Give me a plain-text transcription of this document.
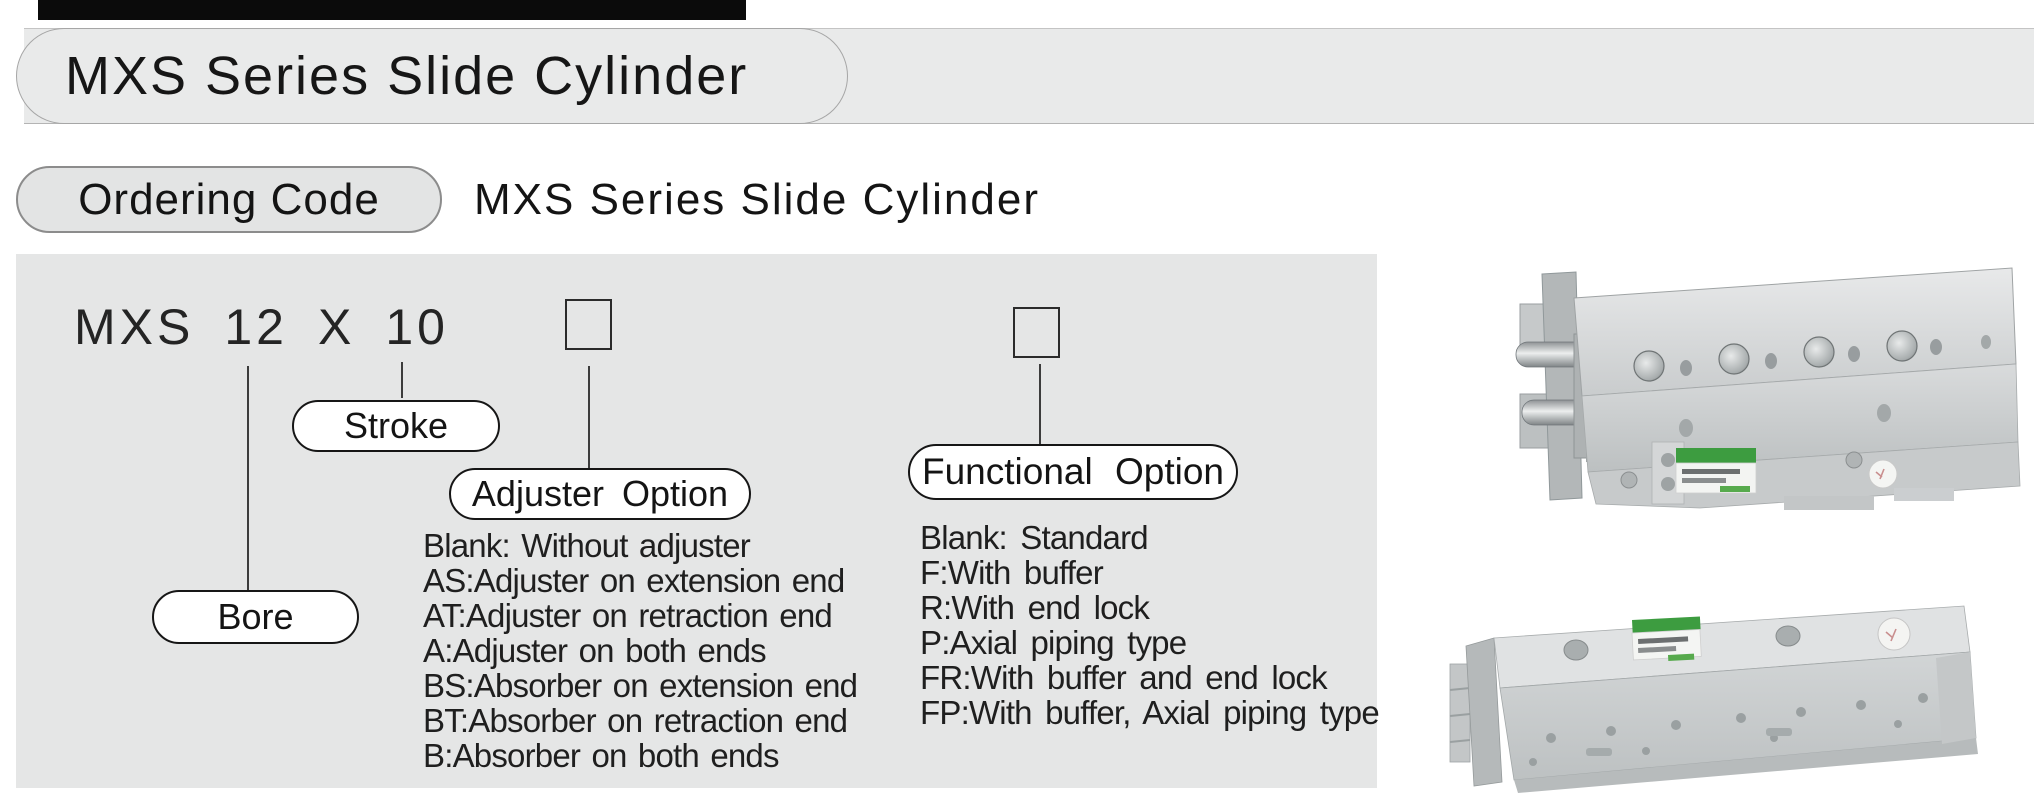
MXS Series Slide Cylinder
Ordering Code MXS Series Slide Cylinder
MXS 12 X 10
Stroke
Bore
Adjuster Option
Functional Option
Blank: Without adjuster
AS:Adjuster on extension end
AT:Adjuster on retraction end
A:Adjuster on both ends
BS:Absorber on extension end
BT:Absorber on retraction end
B:Absorber on both ends
Blank: Standard
F:With buffer
R:With end lock
P:Axial piping type
FR:With buffer and end lock
FP:With buffer, Axial piping type
